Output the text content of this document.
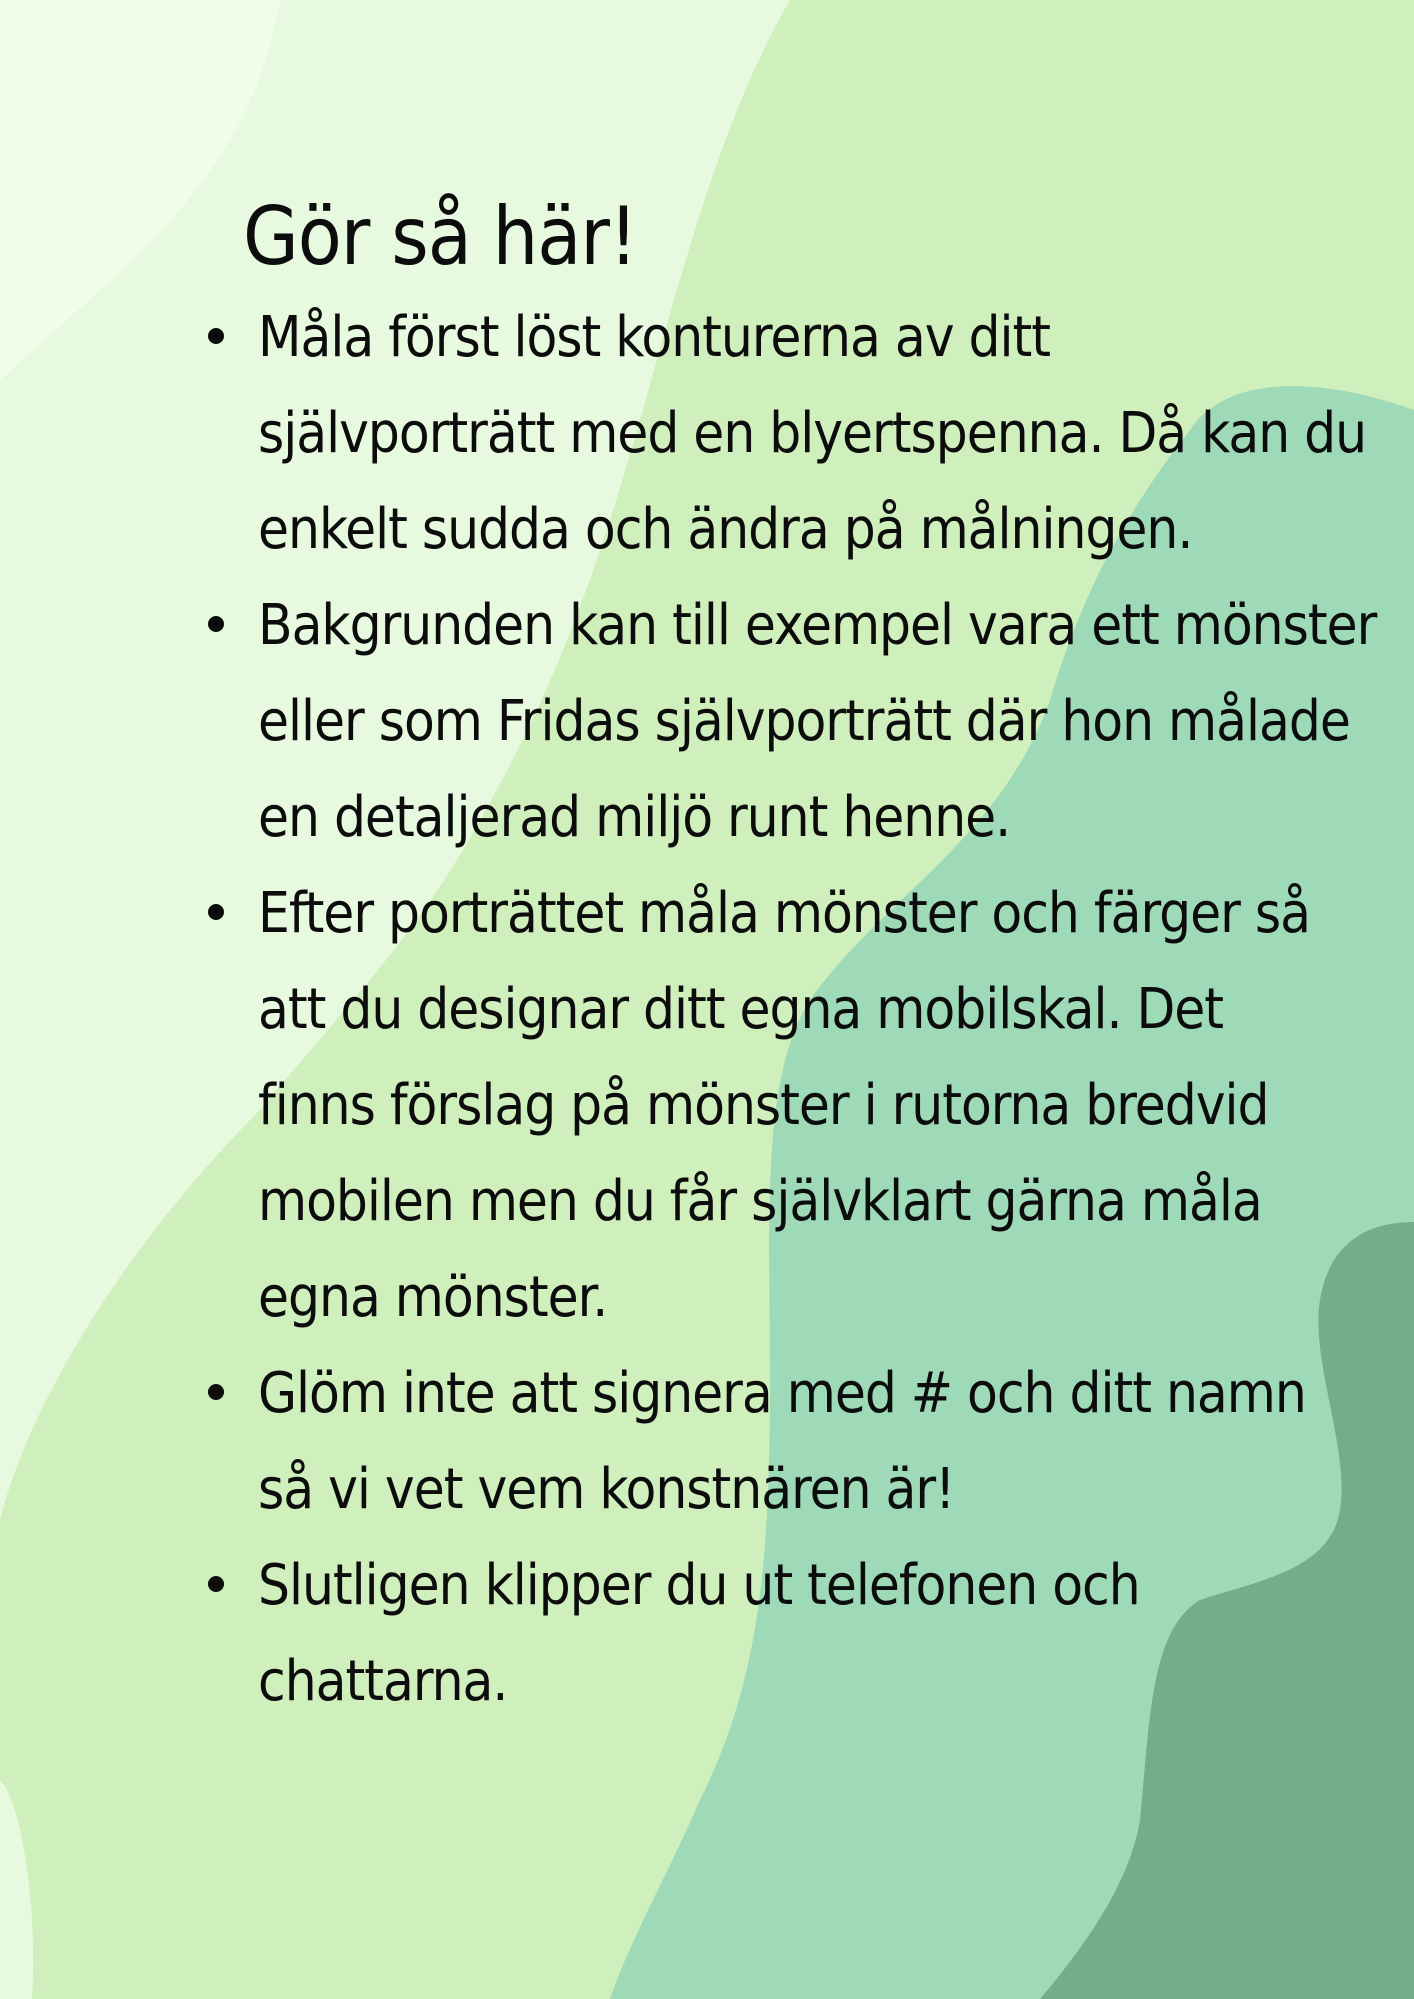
Gör så här!
Måla först löst konturerna av ditt
självporträtt med en blyertspenna. Då kan du
enkelt sudda och ändra på målningen.
Bakgrunden kan till exempel vara ett mönster
eller som Fridas självporträtt där hon målade
en detaljerad miljö runt henne.
Efter porträttet måla mönster och färger så
att du designar ditt egna mobilskal. Det
finns förslag på mönster i rutorna bredvid
mobilen men du får självklart gärna måla
egna mönster.
Glöm inte att signera med # och ditt namn
så vi vet vem konstnären är!
Slutligen klipper du ut telefonen och
chattarna.
